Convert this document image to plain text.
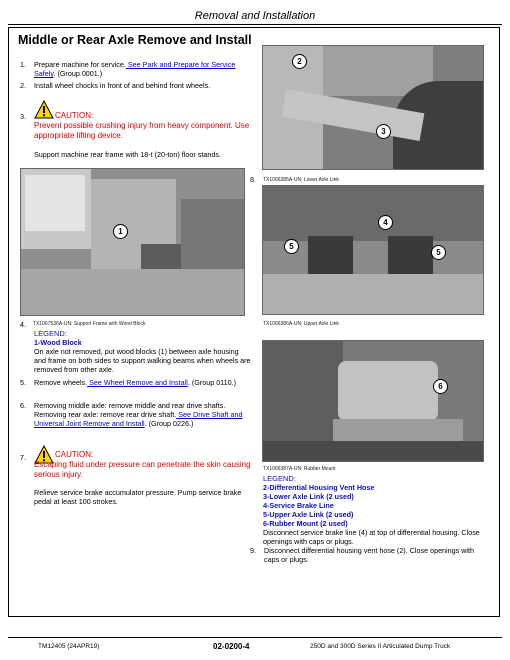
Removal and Installation
Middle or Rear Axle Remove and Install
1. Prepare machine for service. See Park and Prepare for Service Safely. (Group 0001.)
2. Install wheel chocks in front of and behind front wheels.
3.	CAUTION:
Prevent possible crushing injury from heavy component. Use appropriate lifting device.
Support machine rear frame with 18-t (20-ton) floor stands.
1
TX1067536A-UN: Support Frame with Wood Block
4.
LEGEND:
1-Wood Block
On axle not removed, put wood blocks (1) between axle housing and frame on both sides to support walking beams when wheels are removed from other axle.
5. Remove wheels. See Wheel Remove and Install. (Group 0110.)
6. Removing middle axle: remove middle and rear drive shafts. Removing rear axle: remove rear drive shaft. See Drive Shaft and Universal Joint Remove and Install. (Group 0226.)
7.	CAUTION:
Escaping fluid under pressure can penetrate the skin causing serious injury.
Relieve service brake accumulator pressure. Pump service brake pedal at least 100 strokes.
2
3
8. TX1066385A-UN: Lower Axle Link
4
5
5
TX1066386A-UN: Upper Axle Link
6
TX1066387A-UN: Rubber Mount
LEGEND:
2-Differential Housing Vent Hose
3-Lower Axle Link (2 used)
4-Service Brake Line
5-Upper Axle Link (2 used)
6-Rubber Mount (2 used)
Disconnect service brake line (4) at top of differential housing. Close openings with caps or plugs.
9. Disconnect differential housing vent hose (2). Close openings with caps or plugs.
TM12405 (24APR19)	02-0200-4	250D and 300D Series II Articulated Dump Truck
